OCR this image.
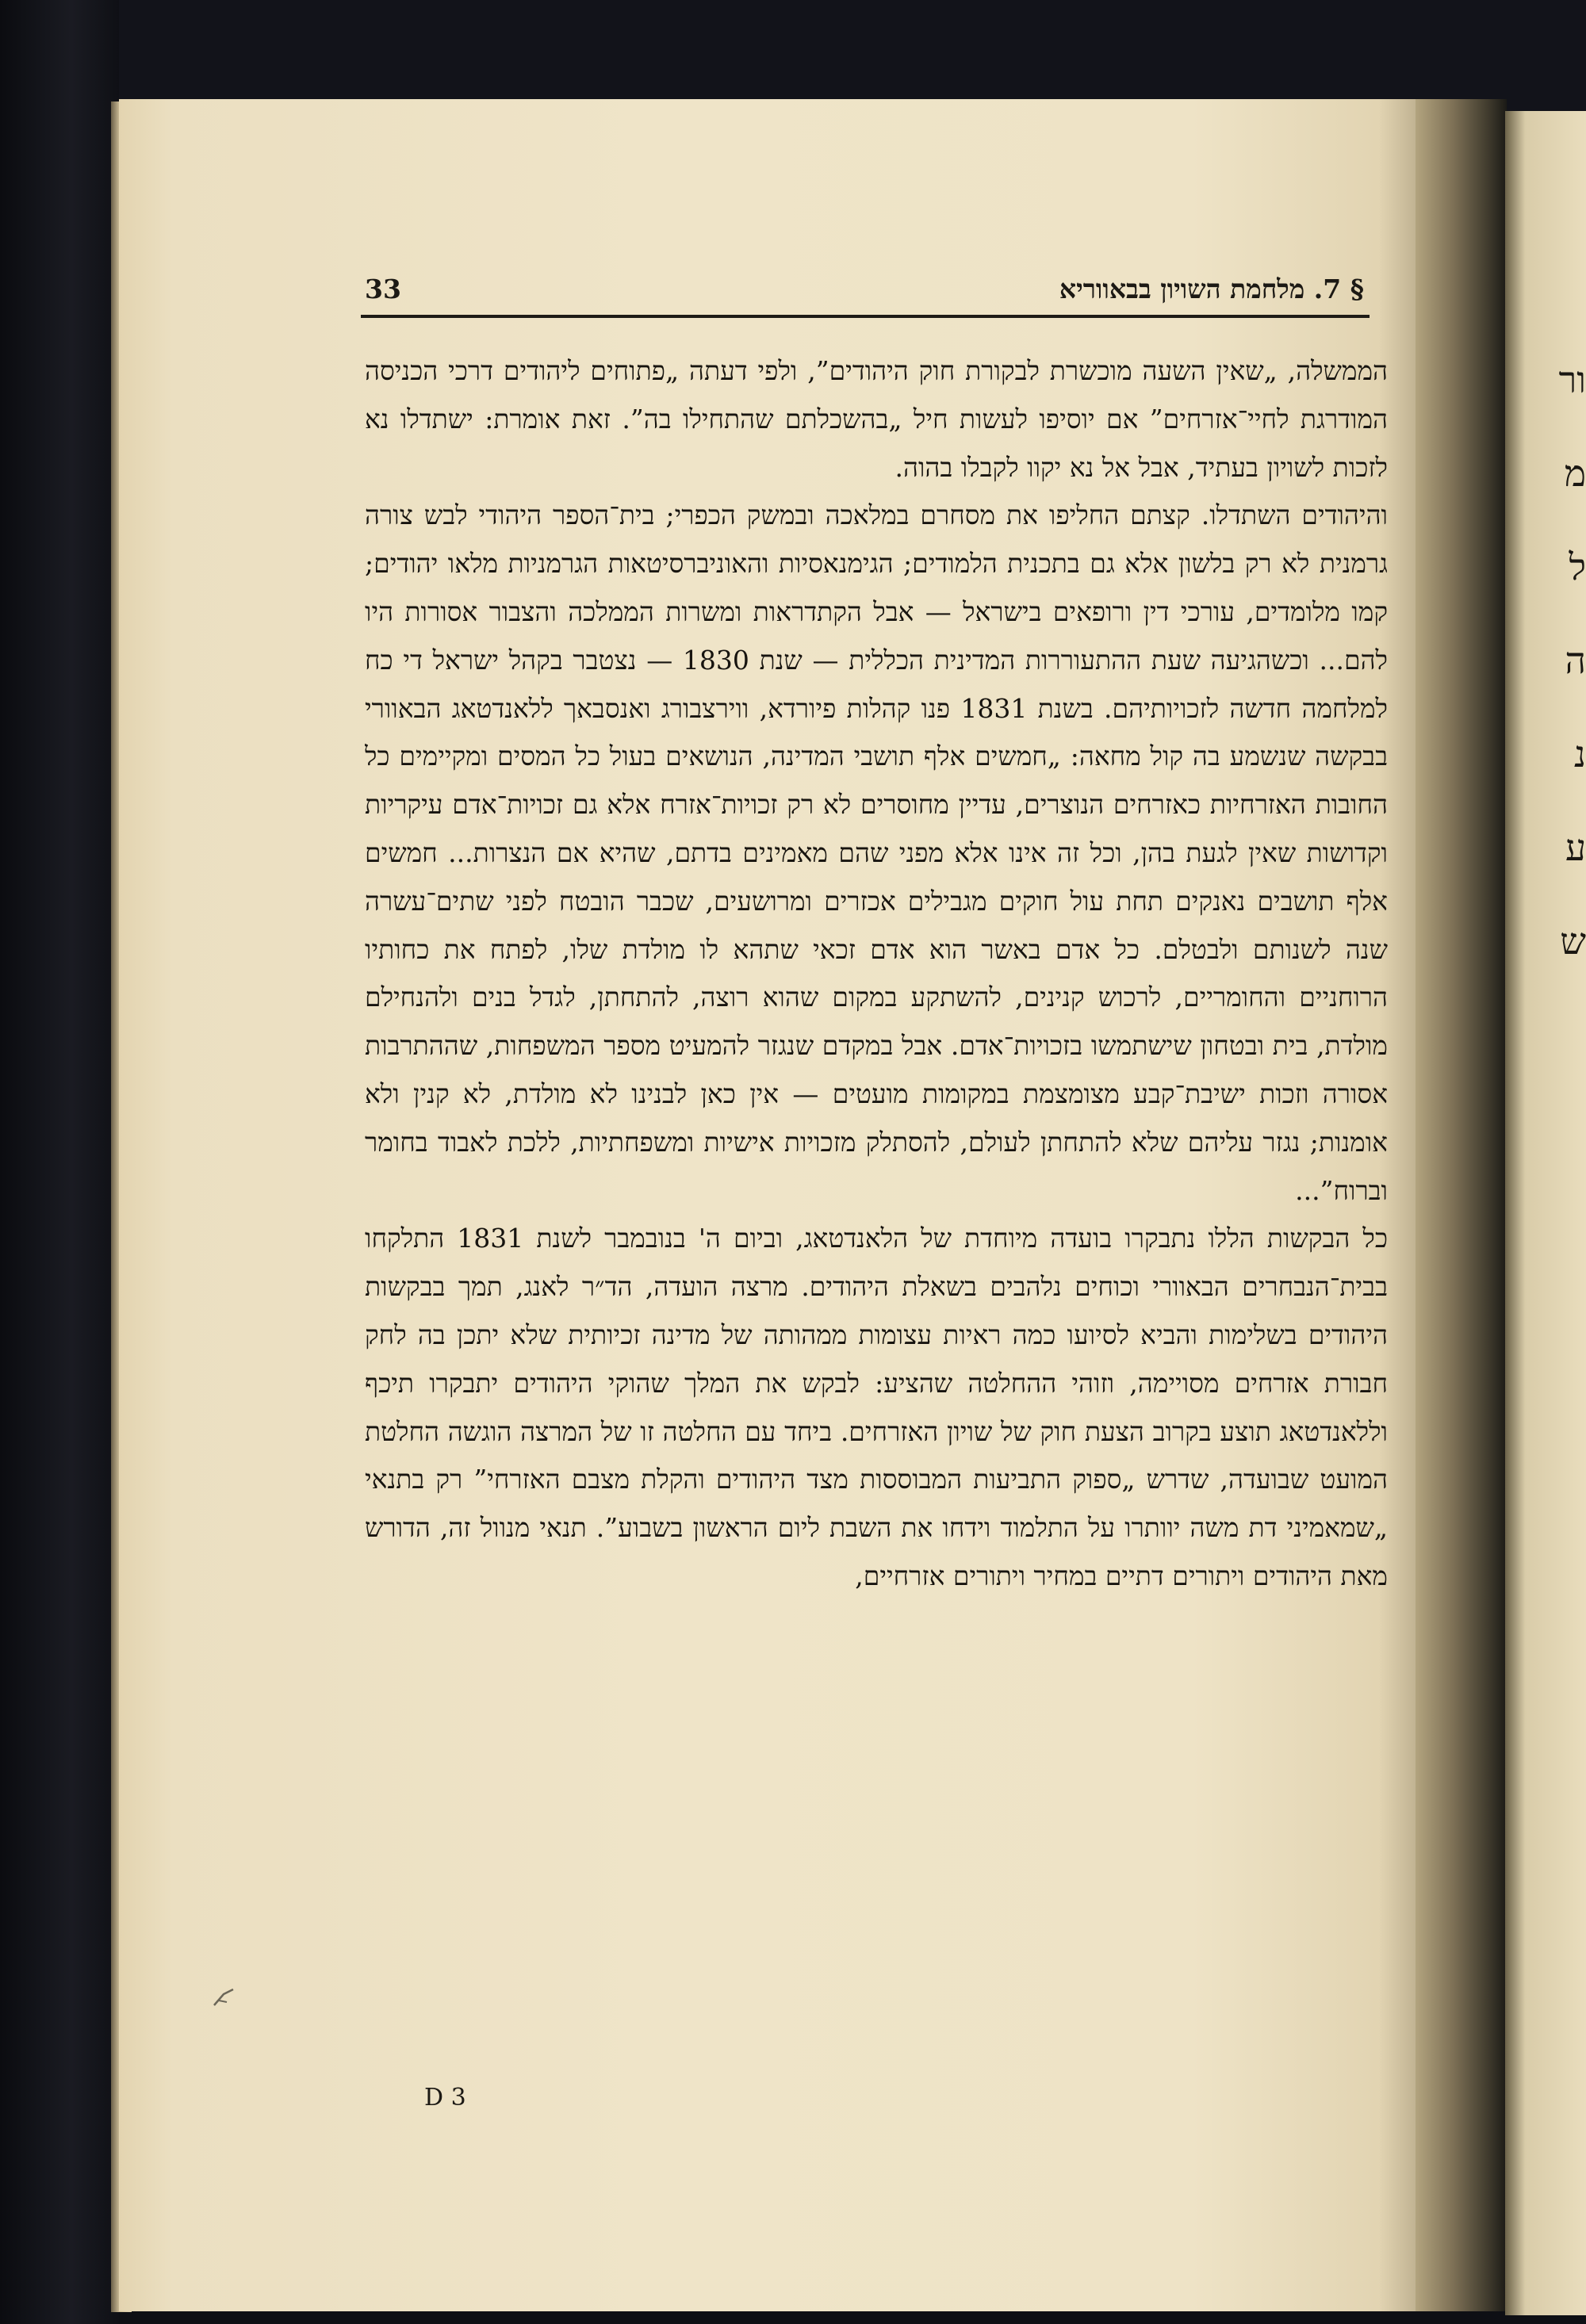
ור
מ
ל
ה
נ
ע
ש
33	§ 7. מלחמת השויון בבאווריא

הממשלה, „שאין השעה מוכשרת לבקורת חוק היהודים”, ולפי דעתה „פתוחים ליהודים דרכי הכניסה המודרגת לחיי־אזרחים” אם יוסיפו לעשות חיל „בהשכלתם שהתחילו בה”. זאת אומרת: ישתדלו נא לזכות לשויון בעתיד, אבל אל נא יקוו לקבלו בהוה.

והיהודים השתדלו. קצתם החליפו את מסחרם במלאכה ובמשק הכפרי; בית־הספר היהודי לבש צורה גרמנית לא רק בלשון אלא גם בתכנית הלמודים; הגימנאסיות והאוניברסיטאות הגרמניות מלאו יהודים; קמו מלומדים, עורכי דין ורופאים בישראל — אבל הקתדראות ומשרות הממלכה והצבור אסורות היו להם... וכשהגיעה שעת ההתעוררות המדינית הכללית — שנת 1830 — נצטבר בקהל ישראל די כח למלחמה חדשה לזכויותיהם. בשנת 1831 פנו קהלות פיורדא, ווירצבורג ואנסבאך ללאנדטאג הבאוורי בבקשה שנשמע בה קול מחאה: „חמשים אלף תושבי המדינה, הנושאים בעול כל המסים ומקיימים כל החובות האזרחיות כאזרחים הנוצרים, עדיין מחוסרים לא רק זכויות־אזרח אלא גם זכויות־אדם עיקריות וקדושות שאין לגעת בהן, וכל זה אינו אלא מפני שהם מאמינים בדתם, שהיא אם הנצרות... חמשים אלף תושבים נאנקים תחת עול חוקים מגבילים אכזרים ומרושעים, שכבר הובטח לפני שתים־עשרה שנה לשנותם ולבטלם. כל אדם באשר הוא אדם זכאי שתהא לו מולדת שלו, לפתח את כחותיו הרוחניים והחומריים, לרכוש קנינים, להשתקע במקום שהוא רוצה, להתחתן, לגדל בנים ולהנחילם מולדת, בית ובטחון שישתמשו בזכויות־אדם. אבל במקדם שנגזר להמעיט מספר המשפחות, שההתרבות אסורה וזכות ישיבת־קבע מצומצמת במקומות מועטים — אין כאן לבנינו לא מולדת, לא קנין ולא אומנות; נגזר עליהם שלא להתחתן לעולם, להסתלק מזכויות אישיות ומשפחתיות, ללכת לאבוד בחומר וברוח”...

כל הבקשות הללו נתבקרו בועדה מיוחדת של הלאנדטאג, וביום ה' בנובמבר לשנת 1831 התלקחו בבית־הנבחרים הבאוורי וכוחים נלהבים בשאלת היהודים. מרצה הועדה, הד״ר לאנג, תמך בבקשות היהודים בשלימות והביא לסיועו כמה ראיות עצומות ממהותה של מדינה זכיותית שלא יתכן בה לחק חבורת אזרחים מסויימה, וזוהי ההחלטה שהציע: לבקש את המלך שהוקי היהודים יתבקרו תיכף וללאנדטאג תוצע בקרוב הצעת חוק של שויון האזרחים. ביחד עם החלטה זו של המרצה הוגשה החלטת המועט שבועדה, שדרש „ספוק התביעות המבוססות מצד היהודים והקלת מצבם האזרחי” רק בתנאי „שמאמיני דת משה יוותרו על התלמוד וידחו את השבת ליום הראשון בשבוע”. תנאי מנוול זה, הדורש מאת היהודים ויתורים דתיים במחיר ויתורים אזרחיים,

D 3
